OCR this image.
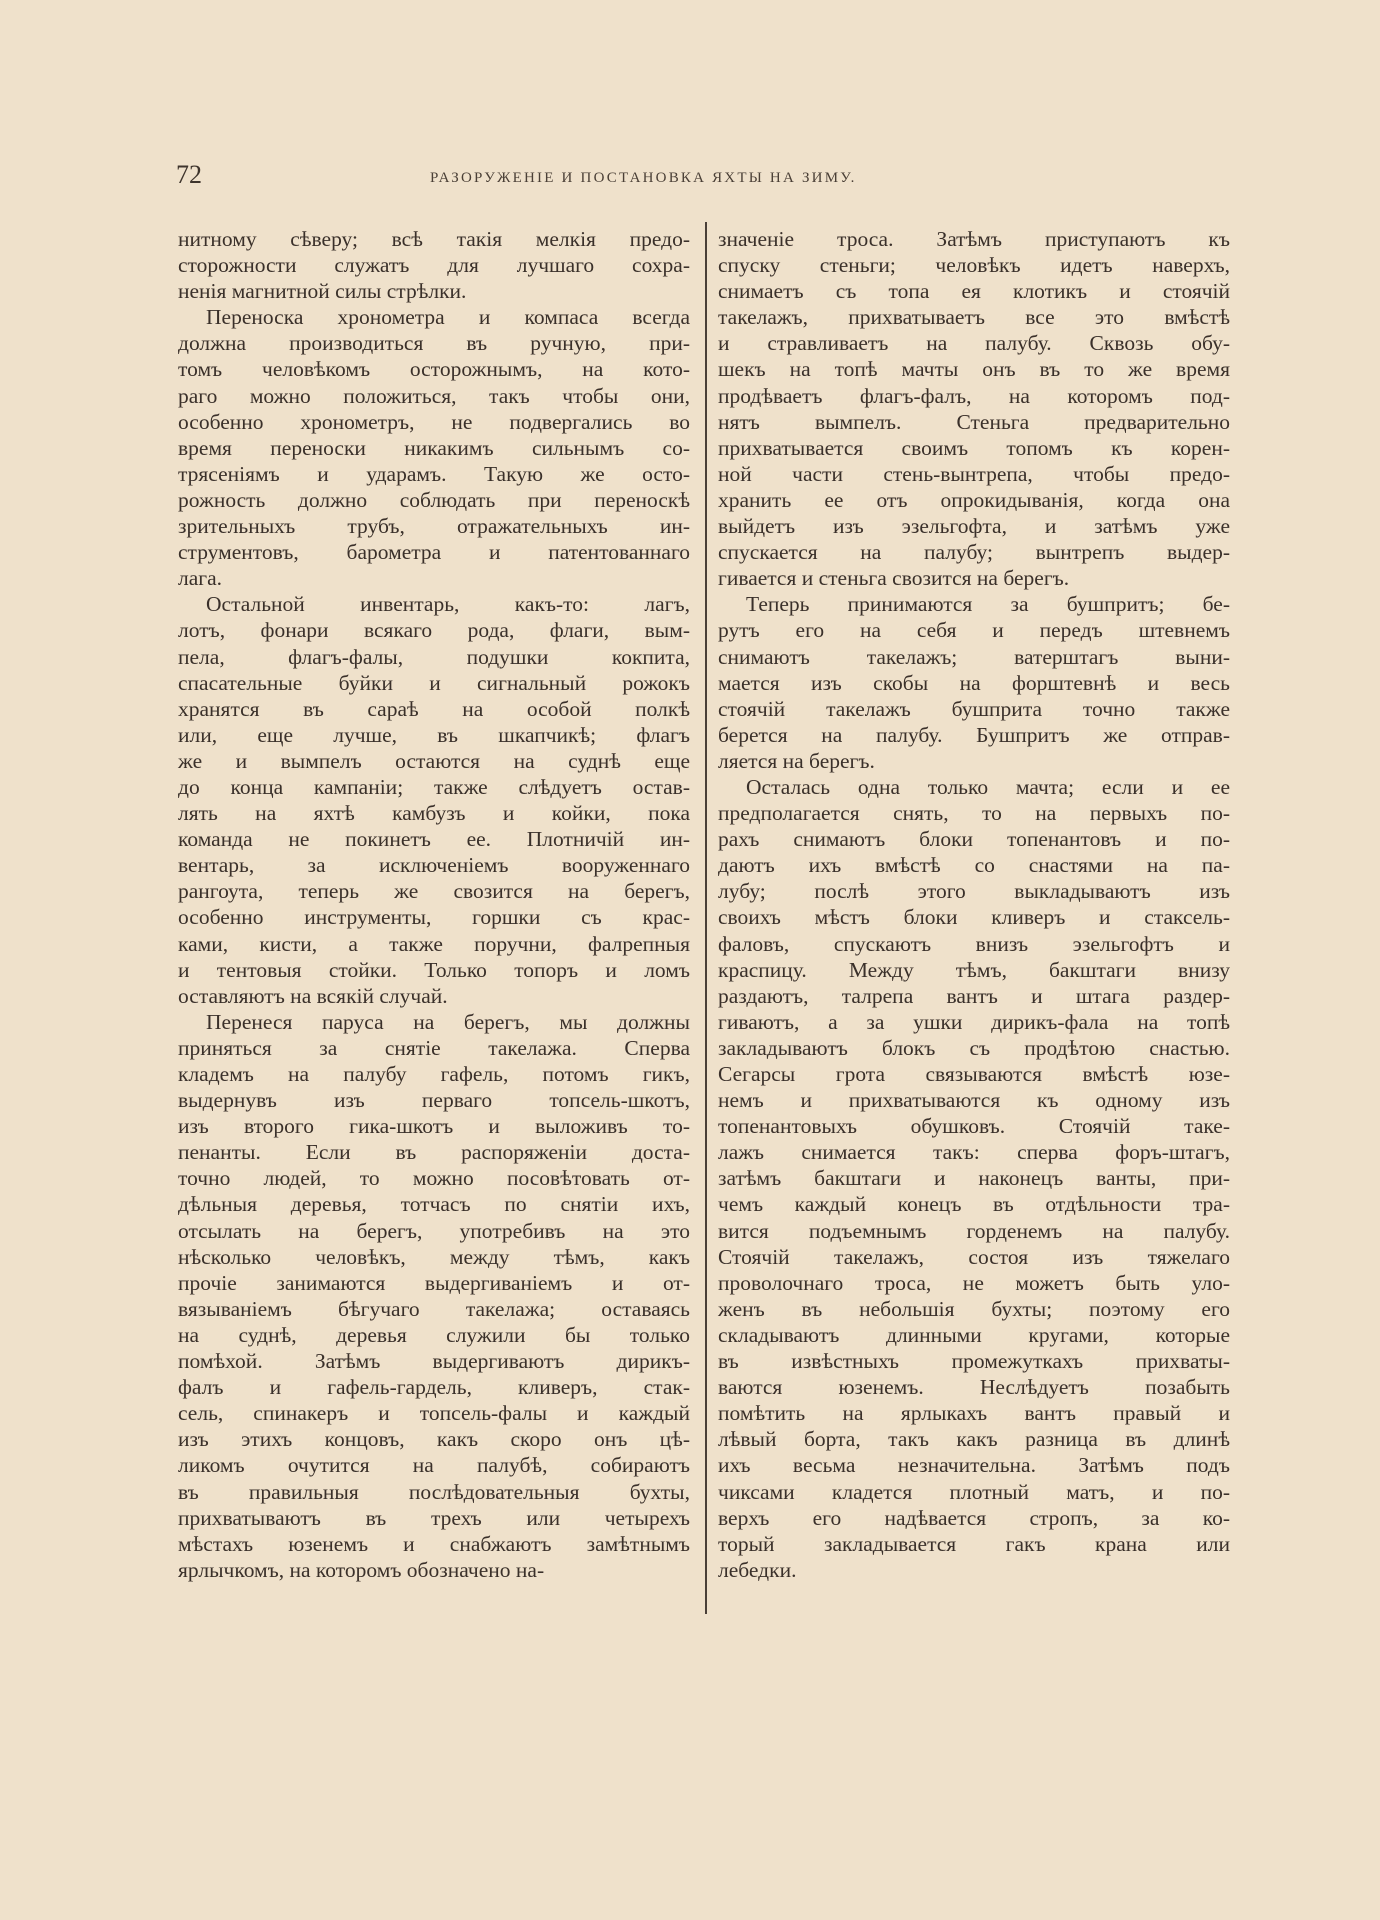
72	РАЗОРУЖЕНІЕ И ПОСТАНОВКА ЯХТЫ НА ЗИМУ.
нитному сѣверу; всѣ такія мелкія предо-
сторожности служатъ для лучшаго сохра-
ненія магнитной силы стрѣлки.
Переноска хронометра и компаса всегда
должна производиться въ ручную, при-
томъ человѣкомъ осторожнымъ, на кото-
раго можно положиться, такъ чтобы они,
особенно хронометръ, не подвергались во
время переноски никакимъ сильнымъ со-
трясеніямъ и ударамъ. Такую же осто-
рожность должно соблюдать при переноскѣ
зрительныхъ трубъ, отражательныхъ ин-
струментовъ, барометра и патентованнаго
лага.
Остальной инвентарь, какъ-то: лагъ,
лотъ, фонари всякаго рода, флаги, вым-
пела, флагъ-фалы, подушки кокпита,
спасательные буйки и сигнальный рожокъ
хранятся въ сараѣ на особой полкѣ
или, еще лучше, въ шкапчикѣ; флагъ
же и вымпелъ остаются на суднѣ еще
до конца кампаніи; также слѣдуетъ остав-
лять на яхтѣ камбузъ и койки, пока
команда не покинетъ ее. Плотничій ин-
вентарь, за исключеніемъ вооруженнаго
рангоута, теперь же свозится на берегъ,
особенно инструменты, горшки съ крас-
ками, кисти, а также поручни, фалрепныя
и тентовыя стойки. Только топоръ и ломъ
оставляютъ на всякій случай.
Перенеся паруса на берегъ, мы должны
приняться за снятіе такелажа. Сперва
кладемъ на палубу гафель, потомъ гикъ,
выдернувъ изъ перваго топсель-шкотъ,
изъ второго гика-шкотъ и выложивъ то-
пенанты. Если въ распоряженіи доста-
точно людей, то можно посовѣтовать от-
дѣльныя деревья, тотчасъ по снятіи ихъ,
отсылать на берегъ, употребивъ на это
нѣсколько человѣкъ, между тѣмъ, какъ
прочіе занимаются выдергиваніемъ и от-
вязываніемъ бѣгучаго такелажа; оставаясь
на суднѣ, деревья служили бы только
помѣхой. Затѣмъ выдергиваютъ дирикъ-
фалъ и гафель-гардель, кливеръ, стак-
сель, спинакеръ и топсель-фалы и каждый
изъ этихъ концовъ, какъ скоро онъ цѣ-
ликомъ очутится на палубѣ, собираютъ
въ правильныя послѣдовательныя бухты,
прихватываютъ въ трехъ или четырехъ
мѣстахъ юзенемъ и снабжаютъ замѣтнымъ
ярлычкомъ, на которомъ обозначено на-
значеніе троса. Затѣмъ приступаютъ къ
спуску стеньги; человѣкъ идетъ наверхъ,
снимаетъ съ топа ея клотикъ и стоячій
такелажъ, прихватываетъ все это вмѣстѣ
и стравливаетъ на палубу. Сквозь обу-
шекъ на топѣ мачты онъ въ то же время
продѣваетъ флагъ-фалъ, на которомъ под-
нятъ вымпелъ. Стеньга предварительно
прихватывается своимъ топомъ къ корен-
ной части стень-вынтрепа, чтобы предо-
хранить ее отъ опрокидыванія, когда она
выйдетъ изъ эзельгофта, и затѣмъ уже
спускается на палубу; вынтрепъ выдер-
гивается и стеньга свозится на берегъ.
Теперь принимаются за бушпритъ; бе-
рутъ его на себя и передъ штевнемъ
снимаютъ такелажъ; ватерштагъ выни-
мается изъ скобы на форштевнѣ и весь
стоячій такелажъ бушприта точно также
берется на палубу. Бушпритъ же отправ-
ляется на берегъ.
Осталась одна только мачта; если и ее
предполагается снять, то на первыхъ по-
рахъ снимаютъ блоки топенантовъ и по-
даютъ ихъ вмѣстѣ со снастями на па-
лубу; послѣ этого выкладываютъ изъ
своихъ мѣстъ блоки кливеръ и стаксель-
фаловъ, спускаютъ внизъ эзельгофтъ и
краспицу. Между тѣмъ, бакштаги внизу
раздаютъ, талрепа вантъ и штага раздер-
гиваютъ, а за ушки дирикъ-фала на топѣ
закладываютъ блокъ съ продѣтою снастью.
Сегарсы грота связываются вмѣстѣ юзе-
немъ и прихватываются къ одному изъ
топенантовыхъ обушковъ. Стоячій таке-
лажъ снимается такъ: сперва форъ-штагъ,
затѣмъ бакштаги и наконецъ ванты, при-
чемъ каждый конецъ въ отдѣльности тра-
вится подъемнымъ горденемъ на палубу.
Стоячій такелажъ, состоя изъ тяжелаго
проволочнаго троса, не можетъ быть уло-
женъ въ небольшія бухты; поэтому его
складываютъ длинными кругами, которые
въ извѣстныхъ промежуткахъ прихваты-
ваются юзенемъ. Неслѣдуетъ позабыть
помѣтить на ярлыкахъ вантъ правый и
лѣвый борта, такъ какъ разница въ длинѣ
ихъ весьма незначительна. Затѣмъ подъ
чиксами кладется плотный матъ, и по-
верхъ его надѣвается стропъ, за ко-
торый закладывается гакъ крана или
лебедки.
